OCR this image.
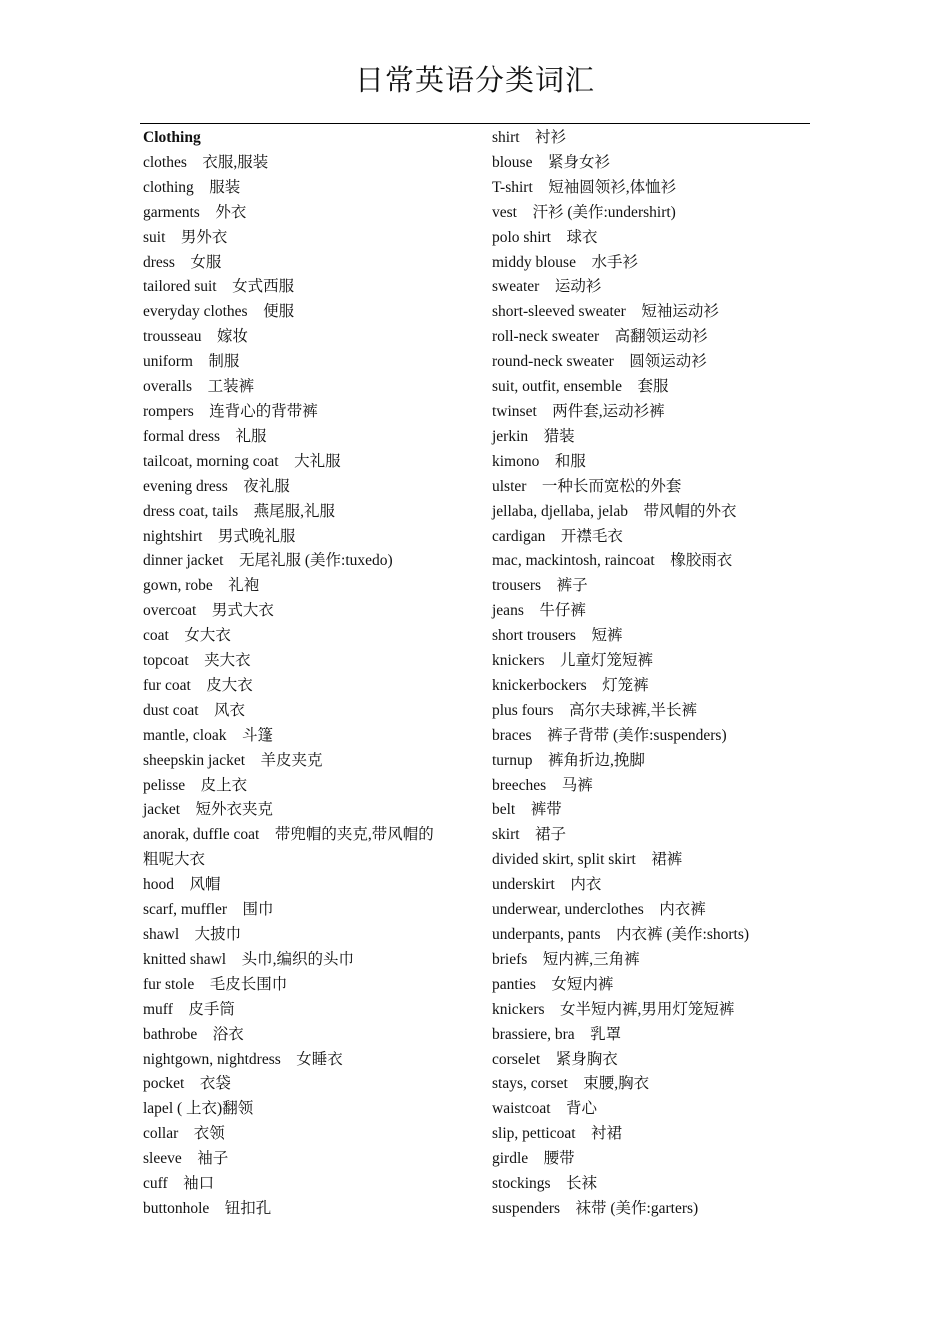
日常英语分类词汇
Clothing
clothes　衣服,服装
clothing　服装
garments　外衣
suit　男外衣
dress　女服
tailored suit　女式西服
everyday clothes　便服
trousseau　嫁妆
uniform　制服
overalls　工装裤
rompers　连背心的背带裤
formal dress　礼服
tailcoat, morning coat　大礼服
evening dress　夜礼服
dress coat, tails　燕尾服,礼服
nightshirt　男式晚礼服
dinner jacket　无尾礼服 (美作:tuxedo)
gown, robe　礼袍
overcoat　男式大衣
coat　女大衣
topcoat　夹大衣
fur coat　皮大衣
dust coat　风衣
mantle, cloak　斗篷
sheepskin jacket　羊皮夹克
pelisse　皮上衣
jacket　短外衣夹克
anorak, duffle coat　带兜帽的夹克,带风帽的
粗呢大衣
hood　风帽
scarf, muffler　围巾
shawl　大披巾
knitted shawl　头巾,编织的头巾
fur stole　毛皮长围巾
muff　皮手筒
bathrobe　浴衣
nightgown, nightdress　女睡衣
pocket　衣袋
lapel ( 上衣)翻领
collar　衣领
sleeve　袖子
cuff　袖口
buttonhole　钮扣孔
shirt　衬衫
blouse　紧身女衫
T-shirt　短袖圆领衫,体恤衫
vest　汗衫 (美作:undershirt)
polo shirt　球衣
middy blouse　水手衫
sweater　运动衫
short-sleeved sweater　短袖运动衫
roll-neck sweater　高翻领运动衫
round-neck sweater　圆领运动衫
suit, outfit, ensemble　套服
twinset　两件套,运动衫裤
jerkin　猎装
kimono　和服
ulster　一种长而宽松的外套
jellaba, djellaba, jelab　带风帽的外衣
cardigan　开襟毛衣
mac, mackintosh, raincoat　橡胶雨衣
trousers　裤子
jeans　牛仔裤
short trousers　短裤
knickers　儿童灯笼短裤
knickerbockers　灯笼裤
plus fours　高尔夫球裤,半长裤
braces　裤子背带 (美作:suspenders)
turnup　裤角折边,挽脚
breeches　马裤
belt　裤带
skirt　裙子
divided skirt, split skirt　裙裤
underskirt　内衣
underwear, underclothes　内衣裤
underpants, pants　内衣裤 (美作:shorts)
briefs　短内裤,三角裤
panties　女短内裤
knickers　女半短内裤,男用灯笼短裤
brassiere, bra　乳罩
corselet　紧身胸衣
stays, corset　束腰,胸衣
waistcoat　背心
slip, petticoat　衬裙
girdle　腰带
stockings　长袜
suspenders　袜带 (美作:garters)
